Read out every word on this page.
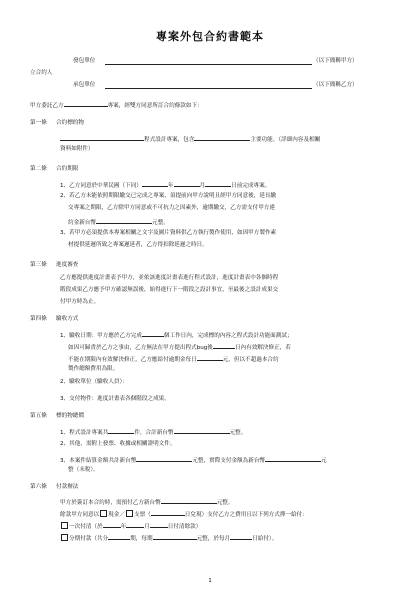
專案外包合約書範本
發包單位	（以下簡稱甲方）
立合約人
承包單位	（以下簡稱乙方）
甲方委託乙方	專案，經雙方同意所訂合約條款如下：
第一條 合約標的物
程式設計專案，包含	主要功能。（詳細內容及相關
資料如附件）
第二條 合約期限
1、乙方同意於中華民國（下同）	年	月	日前完成專案。
2、若乙方未能依照期限繳交已完成之專案，須提前向甲方說明且經甲方同意後，延長繳
交專案之期限，乙方除甲方同意或不可抗力之因素外，逾期繳交，乙方需支付甲方違
約金新台幣	元整。
3、若甲方必須提供本專案相關之文字及圖片資料供乙方執行製作使用，如因甲方製作素
材提供延遲所致之專案遲延者，乙方得扣除延遲之時日。
第三條 進度審查
乙方應提供進度計畫表予甲方，並依該進度計畫表進行程式設計，進度計畫表中各個時程
階段成果乙方應予甲方確認無誤後，始得進行下一階段之設計事宜，至最後之設計成果交
付甲方時為止。
第四條 驗收方式
1、驗收日期：甲方應於乙方完成	個工作日內，完成標的內容之程式設計功能面測試；
如因可歸責於乙方之事由，乙方無法在甲方提出程式bug後	日內有效解決修正，若
不能在期限內有效解決修正，乙方應給付逾期金每日	元，但以不超過本合約
製作總額費用為限。
2、驗收單位（驗收人員）：
3、交付物件：進度計畫表各個階段之成果。
第五條 標的物總價
1、程式設計專案共	件，合計新台幣	元整。
2、其他，需附上發票、收據或相關證明文件。
3、本案件結算金額共計新台幣	元整，實際支付金額為新台幣	元
整（未稅）。
第六條 付款辦法
甲方於簽訂本合約時，需預付乙方新台幣	元整。
餘款甲方同意以 現金／ 支票（	日兌現）支付乙方之費用且以下列方式擇一給付：
一次付清（於	年	月	日付清餘款）
分期付款（共分	期，每期	元整，於每月	日給付）。
1
